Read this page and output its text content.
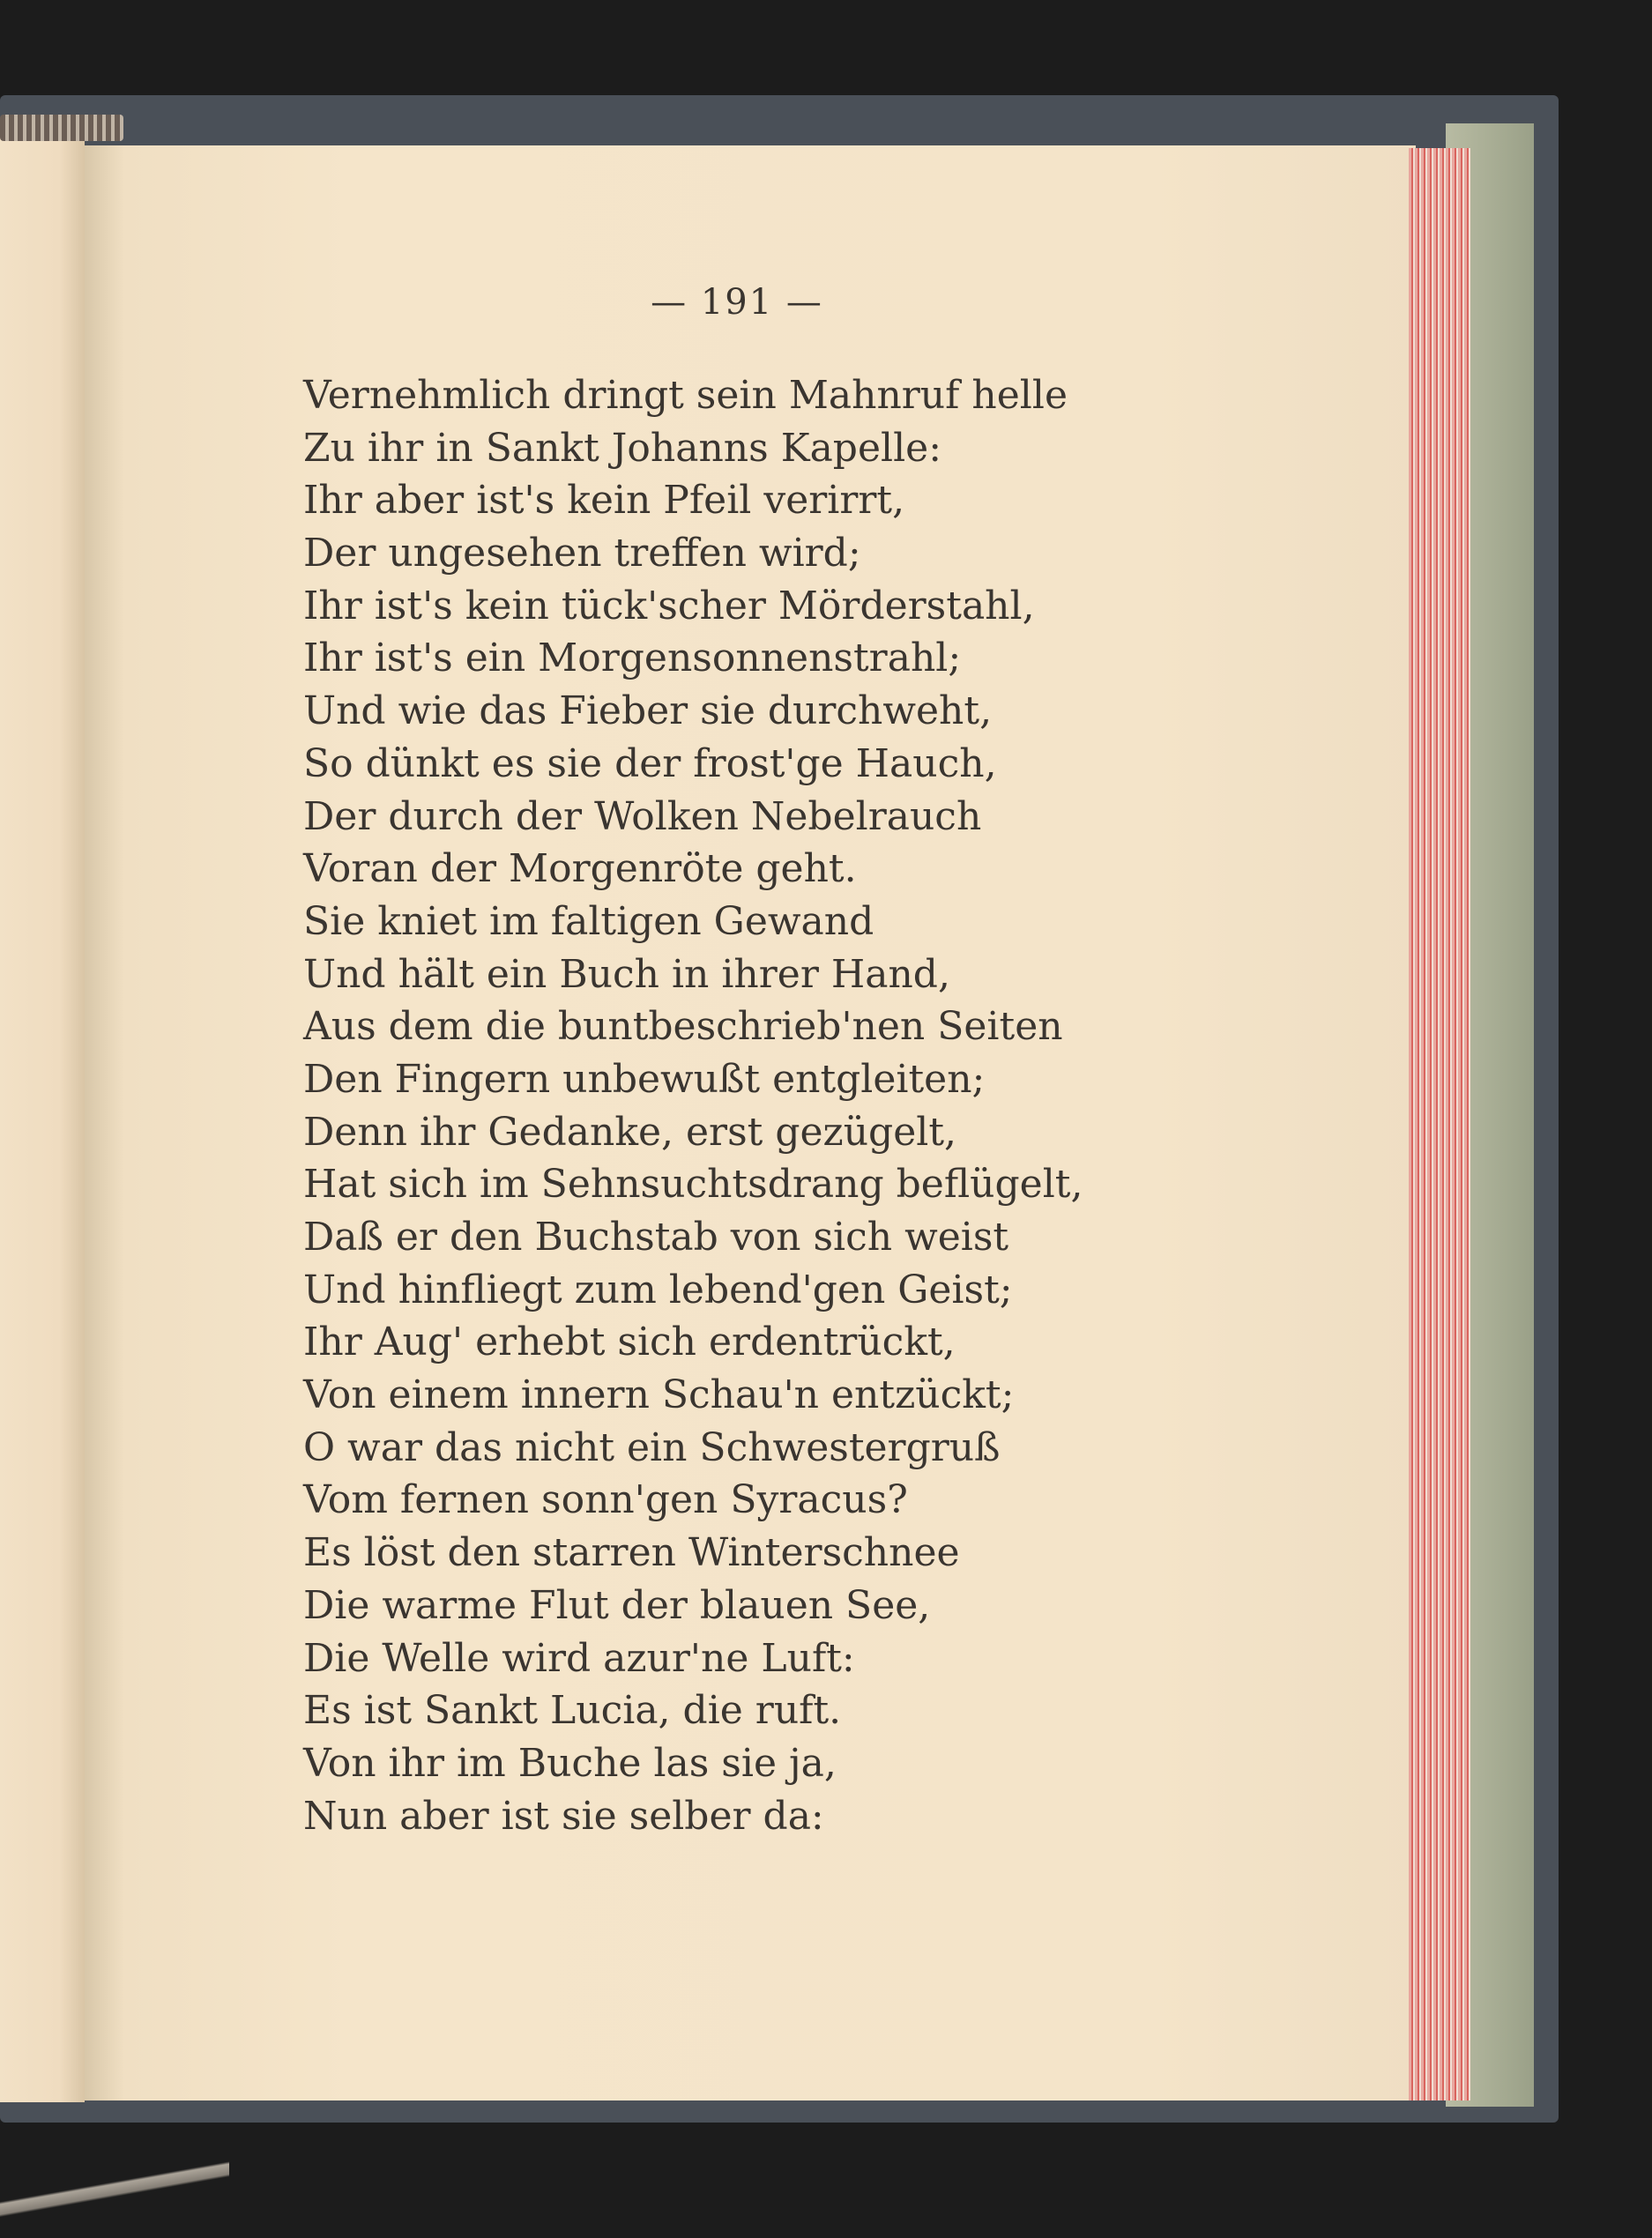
— 191 —
Vernehmlich dringt sein Mahnruf helle
Zu ihr in Sankt Johanns Kapelle:
Ihr aber ist's kein Pfeil verirrt,
Der ungesehen treffen wird;
Ihr ist's kein tück'scher Mörderstahl,
Ihr ist's ein Morgensonnenstrahl;
Und wie das Fieber sie durchweht,
So dünkt es sie der frost'ge Hauch,
Der durch der Wolken Nebelrauch
Voran der Morgenröte geht.
Sie kniet im faltigen Gewand
Und hält ein Buch in ihrer Hand,
Aus dem die buntbeschrieb'nen Seiten
Den Fingern unbewußt entgleiten;
Denn ihr Gedanke, erst gezügelt,
Hat sich im Sehnsuchtsdrang beflügelt,
Daß er den Buchstab von sich weist
Und hinfliegt zum lebend'gen Geist;
Ihr Aug' erhebt sich erdentrückt,
Von einem innern Schau'n entzückt;
O war das nicht ein Schwestergruß
Vom fernen sonn'gen Syracus?
Es löst den starren Winterschnee
Die warme Flut der blauen See,
Die Welle wird azur'ne Luft:
Es ist Sankt Lucia, die ruft.
Von ihr im Buche las sie ja,
Nun aber ist sie selber da:
